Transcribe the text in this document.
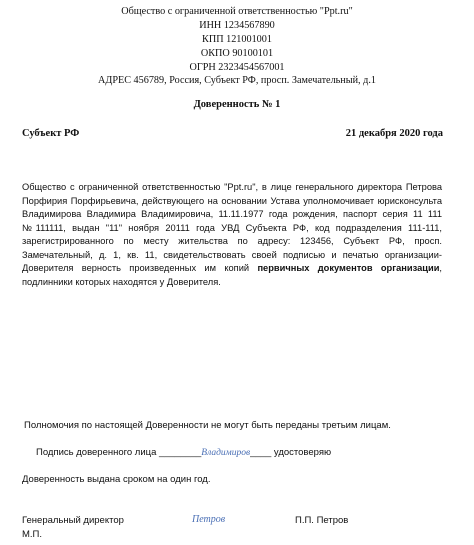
Общество с ограниченной ответственностью "Ppt.ru"
ИНН 1234567890
КПП 121001001
ОКПО 90100101
ОГРН 2323454567001
АДРЕС 456789, Россия, Субъект РФ, просп. Замечательный, д.1
Доверенность № 1
Субъект РФ	21 декабря 2020 года
Общество с ограниченной ответственностью "Ppt.ru", в лице генерального директора Петрова Порфирия Порфирьевича, действующего на основании Устава уполномочивает юрисконсульта Владимирова Владимира Владимировича, 11.11.1977 года рождения, паспорт серия 11 111 №111111, выдан "11" ноября 20111 года УВД Субъекта РФ, код подразделения 111-111, зарегистрированного по месту жительства по адресу: 123456, Субъект РФ, просп. Замечательный, д. 1, кв. 11, свидетельствовать своей подписью и печатью организации-Доверителя верность произведенных им копий первичных документов организации, подлинники которых находятся у Доверителя.
Полномочия по настоящей Доверенности не могут быть переданы третьим лицам.
Подпись доверенного лица ________Владимиров____ удостоверяю
Доверенность выдана сроком на один год.
Генеральный директор	Петров	П.П. Петров
М.П.
